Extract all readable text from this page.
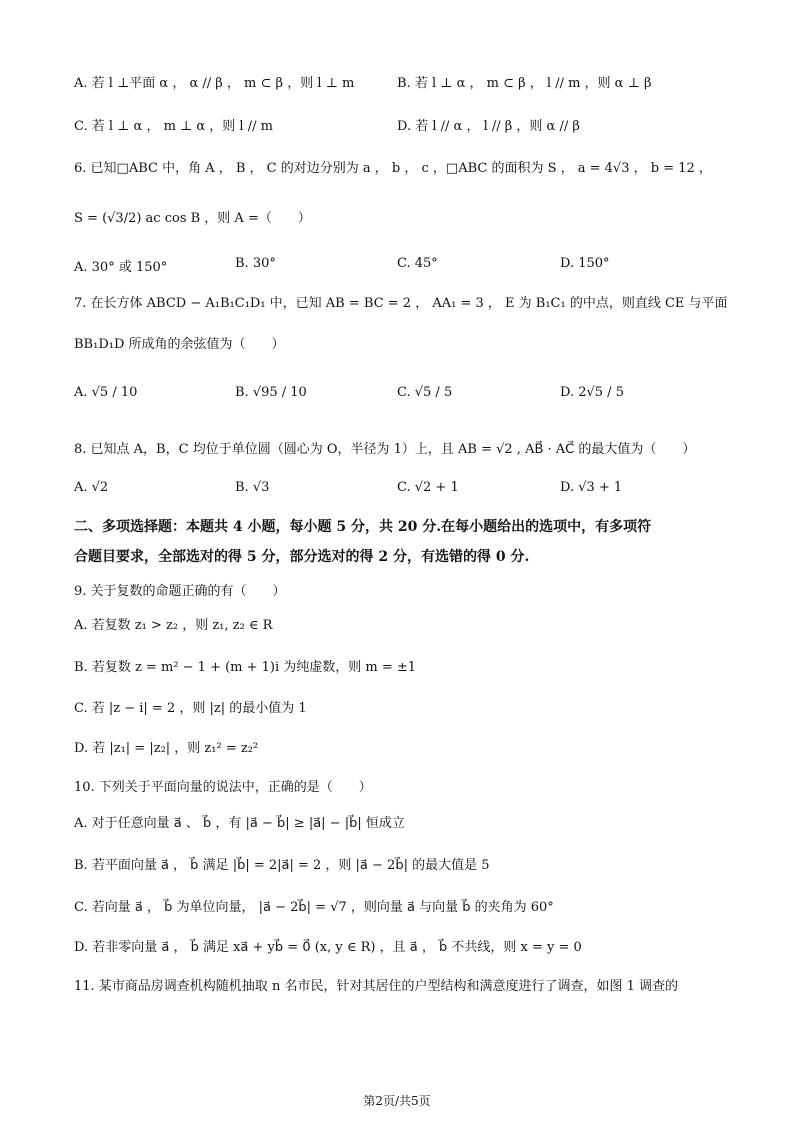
A. 若 l ⊥平面 α ， α // β ， m ⊂ β ，则 l ⊥ m	B. 若 l ⊥ α ， m ⊂ β ， l // m ，则 α ⊥ β
C. 若 l ⊥ α ， m ⊥ α ，则 l // m	D. 若 l // α ， l // β ，则 α // β
6. 已知□ABC 中，角 A ， B ， C 的对边分别为 a ， b ， c ，□ABC 的面积为 S ， a = 4√3 ， b = 12 ，
S = (√3/2) ac cos B ，则 A =（　　）
A. 30° 或 150°	B. 30°	C. 45°	D. 150°
7. 在长方体 ABCD − A₁B₁C₁D₁ 中，已知 AB = BC = 2 ， AA₁ = 3 ， E 为 B₁C₁ 的中点，则直线 CE 与平面
BB₁D₁D 所成角的余弦值为（　　）
A. √5 / 10	B. √95 / 10	C. √5 / 5	D. 2√5 / 5
8. 已知点 A，B，C 均位于单位圆（圆心为 O，半径为 1）上，且 AB = √2 , AB⃗ · AC⃗ 的最大值为（　　）
A. √2	B. √3	C. √2 + 1	D. √3 + 1
二、多项选择题：本题共 4 小题，每小题 5 分，共 20 分.在每小题给出的选项中，有多项符
合题目要求，全部选对的得 5 分，部分选对的得 2 分，有选错的得 0 分.
9. 关于复数的命题正确的有（　　）
A. 若复数 z₁ > z₂ ，则 z₁, z₂ ∈ R
B. 若复数 z = m² − 1 + (m + 1)i 为纯虚数，则 m = ±1
C. 若 |z − i| = 2 ，则 |z| 的最小值为 1
D. 若 |z₁| = |z₂| ，则 z₁² = z₂²
10. 下列关于平面向量的说法中，正确的是（　　）
A. 对于任意向量 a⃗ 、 b⃗ ，有 |a⃗ − b⃗| ≥ |a⃗| − |b⃗| 恒成立
B. 若平面向量 a⃗ ， b⃗ 满足 |b⃗| = 2|a⃗| = 2 ，则 |a⃗ − 2b⃗| 的最大值是 5
C. 若向量 a⃗ ， b⃗ 为单位向量， |a⃗ − 2b⃗| = √7 ，则向量 a⃗ 与向量 b⃗ 的夹角为 60°
D. 若非零向量 a⃗ ， b⃗ 满足 xa⃗ + yb⃗ = 0⃗ (x, y ∈ R) ，且 a⃗ ， b⃗ 不共线，则 x = y = 0
11. 某市商品房调查机构随机抽取 n 名市民，针对其居住的户型结构和满意度进行了调查，如图 1 调查的
第2页/共5页
